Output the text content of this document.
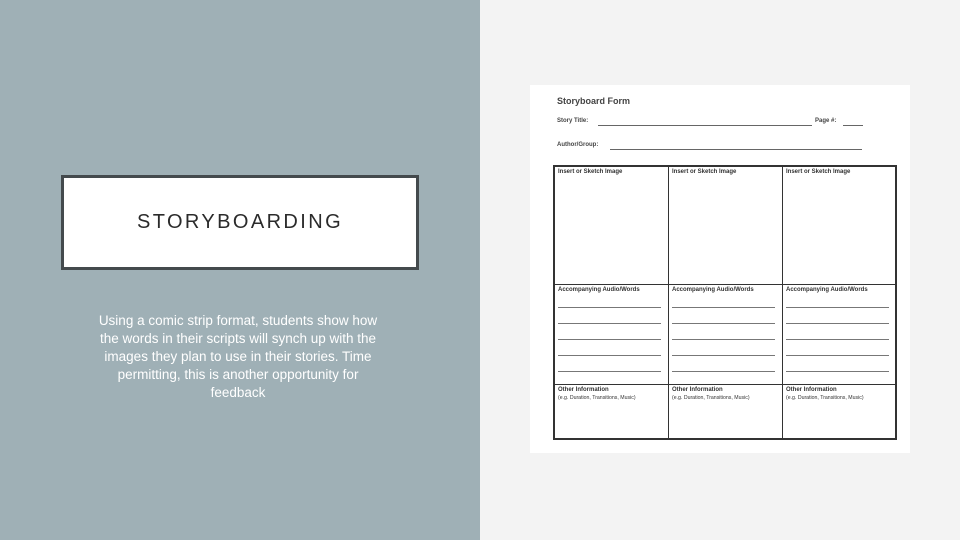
STORYBOARDING
Using a comic strip format, students show how the words in their scripts will synch up with the images they plan to use in their stories. Time permitting, this is another opportunity for feedback
Storyboard Form
Story Title:	Page #:
Author/Group:
Insert or Sketch Image
Accompanying Audio/Words
Other Information
(e.g. Duration, Transitions, Music)
Insert or Sketch Image
Accompanying Audio/Words
Other Information
(e.g. Duration, Transitions, Music)
Insert or Sketch Image
Accompanying Audio/Words
Other Information
(e.g. Duration, Transitions, Music)
